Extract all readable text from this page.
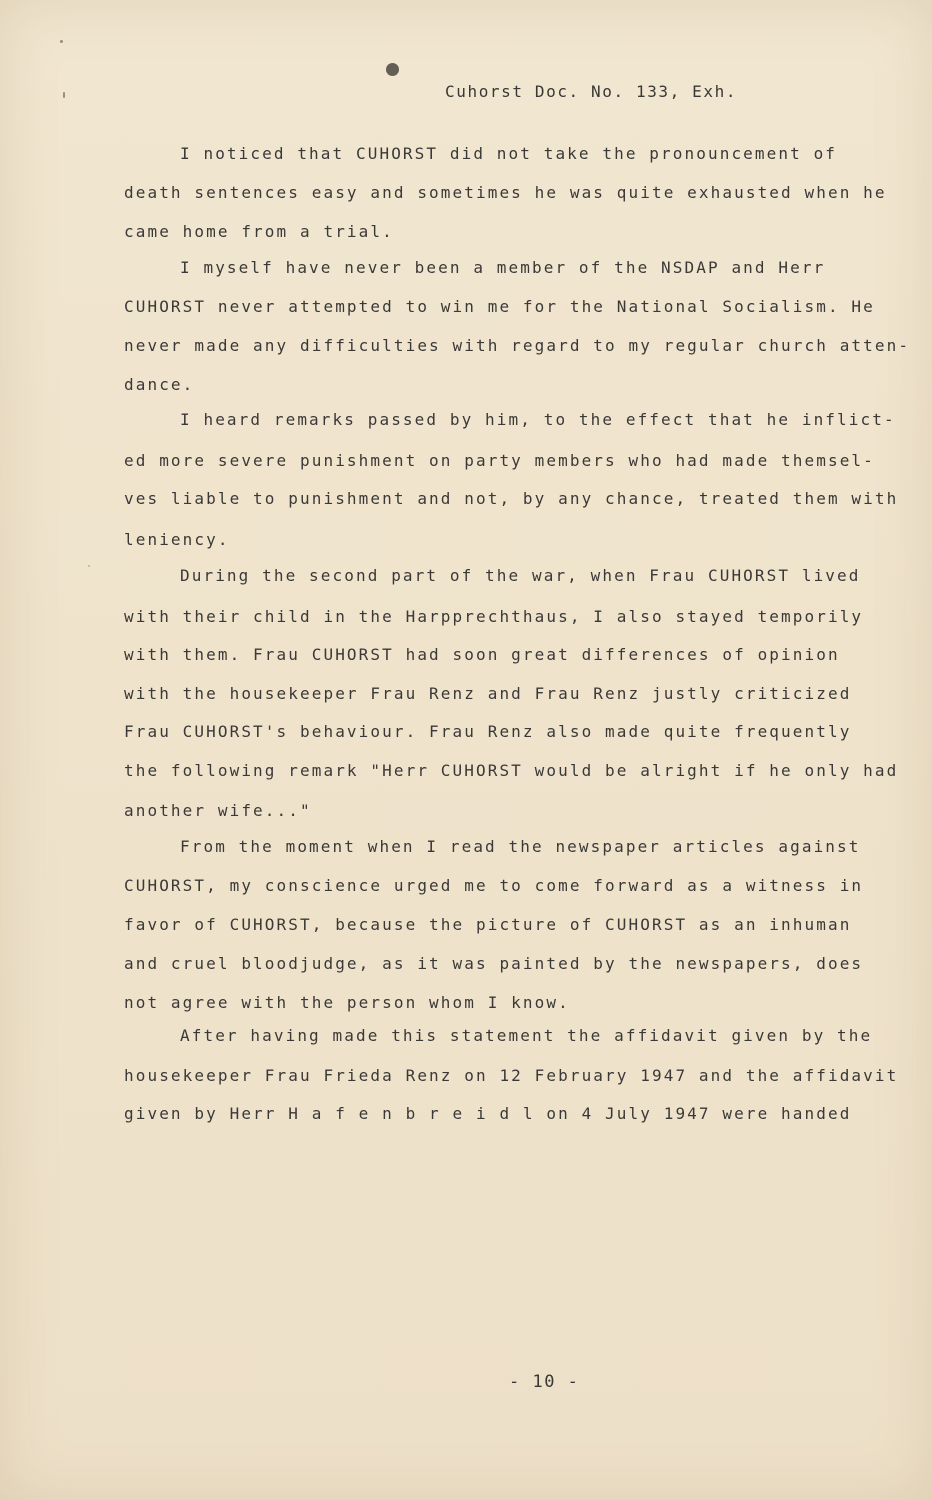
Cuhorst Doc. No. 133, Exh.
I noticed that CUHORST did not take the pronouncement of
death sentences easy and sometimes he was quite exhausted when he
came home from a trial.
I myself have never been a member of the NSDAP and Herr
CUHORST never attempted to win me for the National Socialism. He
never made any difficulties with regard to my regular church atten-
dance.
I heard remarks passed by him, to the effect that he inflict-
ed more severe punishment on party members who had made themsel-
ves liable to punishment and not, by any chance, treated them with
leniency.
During the second part of the war, when Frau CUHORST lived
with their child in the Harpprechthaus, I also stayed temporily
with them. Frau CUHORST had soon great differences of opinion
with the housekeeper Frau Renz and Frau Renz justly criticized
Frau CUHORST's behaviour. Frau Renz also made quite frequently
the following remark "Herr CUHORST would be alright if he only had
another wife..."
From the moment when I read the newspaper articles against
CUHORST, my conscience urged me to come forward as a witness in
favor of CUHORST, because the picture of CUHORST as an inhuman
and cruel bloodjudge, as it was painted by the newspapers, does
not agree with the person whom I know.
After having made this statement the affidavit given by the
housekeeper Frau Frieda Renz on 12 February 1947 and the affidavit
given by Herr H a f e n b r e i d l on 4 July 1947 were handed
- 10 -
